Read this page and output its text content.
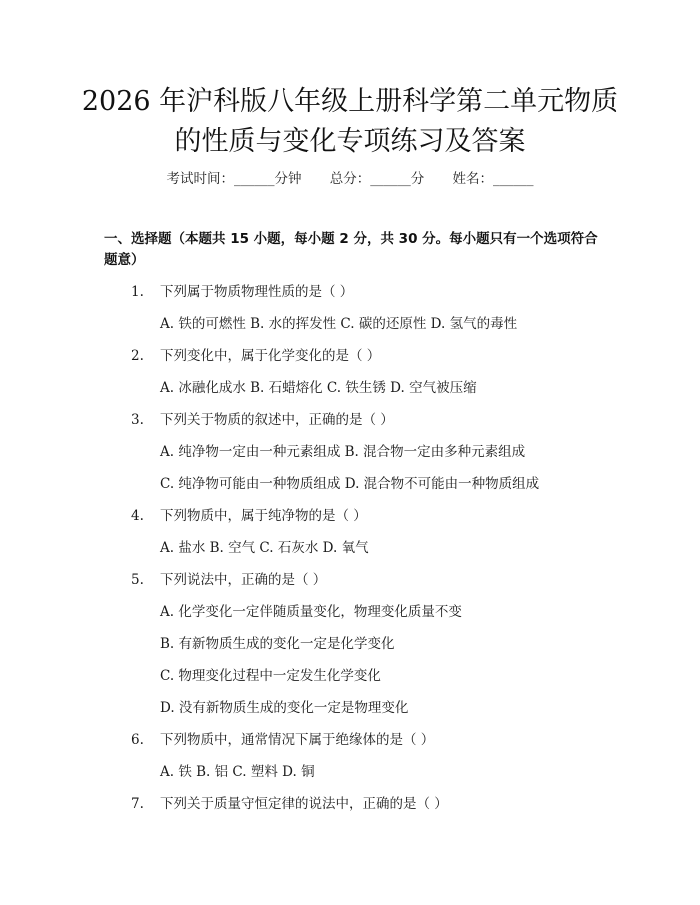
2026 年沪科版八年级上册科学第二单元物质
的性质与变化专项练习及答案
考试时间：______分钟 总分：______分 姓名：______
一、选择题（本题共 15 小题，每小题 2 分，共 30 分。每小题只有一个选项符合
题意）
1. 下列属于物质物理性质的是（ ）
A. 铁的可燃性 B. 水的挥发性 C. 碳的还原性 D. 氢气的毒性
2. 下列变化中，属于化学变化的是（ ）
A. 冰融化成水 B. 石蜡熔化 C. 铁生锈 D. 空气被压缩
3. 下列关于物质的叙述中，正确的是（ ）
A. 纯净物一定由一种元素组成 B. 混合物一定由多种元素组成
C. 纯净物可能由一种物质组成 D. 混合物不可能由一种物质组成
4. 下列物质中，属于纯净物的是（ ）
A. 盐水 B. 空气 C. 石灰水 D. 氧气
5. 下列说法中，正确的是（ ）
A. 化学变化一定伴随质量变化，物理变化质量不变
B. 有新物质生成的变化一定是化学变化
C. 物理变化过程中一定发生化学变化
D. 没有新物质生成的变化一定是物理变化
6. 下列物质中，通常情况下属于绝缘体的是（ ）
A. 铁 B. 铝 C. 塑料 D. 铜
7. 下列关于质量守恒定律的说法中，正确的是（ ）
